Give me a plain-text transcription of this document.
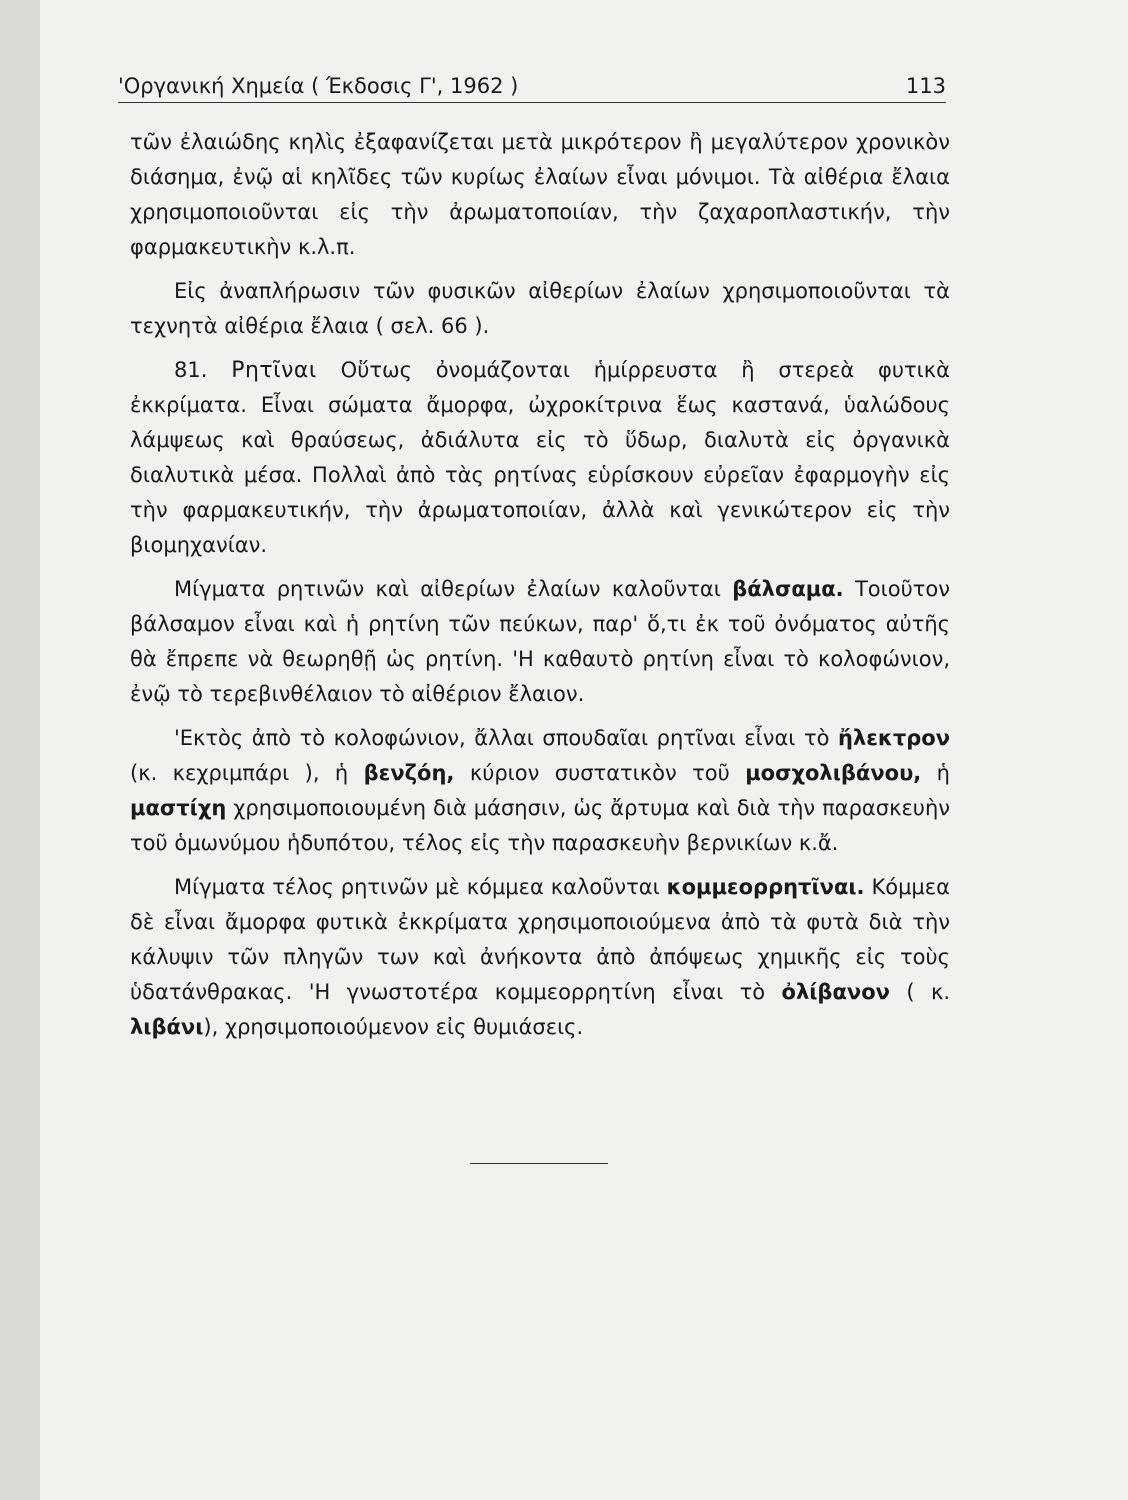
'Οργανική Χημεία ( Έκδοσις Γ', 1962 )	113

τῶν ἐλαιώδης κηλὶς ἐξαφανίζεται μετὰ μικρότερον ἢ μεγαλύτερον χρονικὸν διάσημα, ἐνῷ αἱ κηλῖδες τῶν κυρίως ἐλαίων εἶναι μόνιμοι. Τὰ αἰθέρια ἔλαια χρησιμοποιοῦνται εἰς τὴν ἀρωματοποιίαν, τὴν ζαχαροπλαστικήν, τὴν φαρμακευτικὴν κ.λ.π.

Εἰς ἀναπλήρωσιν τῶν φυσικῶν αἰθερίων ἐλαίων χρησιμοποιοῦνται τὰ τεχνητὰ αἰθέρια ἔλαια ( σελ. 66 ).

81. Ρητῖναι Οὕτως ὀνομάζονται ἡμίρρευστα ἢ στερεὰ φυτικὰ ἐκκρίματα. Εἶναι σώματα ἄμορφα, ὠχροκίτρινα ἕως καστανά, ὑαλώδους λάμψεως καὶ θραύσεως, ἀδιάλυτα εἰς τὸ ὕδωρ, διαλυτὰ εἰς ὀργανικὰ διαλυτικὰ μέσα. Πολλαὶ ἀπὸ τὰς ρητίνας εὑρίσκουν εὐρεῖαν ἐφαρμογὴν εἰς τὴν φαρμακευτικήν, τὴν ἀρωματοποιίαν, ἀλλὰ καὶ γενικώτερον εἰς τὴν βιομηχανίαν.

Μίγματα ρητινῶν καὶ αἰθερίων ἐλαίων καλοῦνται βάλσαμα. Τοιοῦτον βάλσαμον εἶναι καὶ ἡ ρητίνη τῶν πεύκων, παρ' ὅ,τι ἐκ τοῦ ὀνόματος αὐτῆς θὰ ἔπρεπε νὰ θεωρηθῇ ὡς ρητίνη. 'Η καθαυτὸ ρητίνη εἶναι τὸ κολοφώνιον, ἐνῷ τὸ τερεβινθέλαιον τὸ αἰθέριον ἔλαιον.

'Εκτὸς ἀπὸ τὸ κολοφώνιον, ἄλλαι σπουδαῖαι ρητῖναι εἶναι τὸ ἤλεκτρον (κ. κεχριμπάρι ), ἡ βενζόη, κύριον συστατικὸν τοῦ μοσχολιβάνου, ἡ μαστίχη χρησιμοποιουμένη διὰ μάσησιν, ὡς ἄρτυμα καὶ διὰ τὴν παρασκευὴν τοῦ ὁμωνύμου ἡδυπότου, τέλος εἰς τὴν παρασκευὴν βερνικίων κ.ἄ.

Μίγματα τέλος ρητινῶν μὲ κόμμεα καλοῦνται κομμεορρητῖναι. Κόμμεα δὲ εἶναι ἄμορφα φυτικὰ ἐκκρίματα χρησιμοποιούμενα ἀπὸ τὰ φυτὰ διὰ τὴν κάλυψιν τῶν πληγῶν των καὶ ἀνήκοντα ἀπὸ ἀπόψεως χημικῆς εἰς τοὺς ὑδατάνθρακας. 'Η γνωστοτέρα κομμεορρητίνη εἶναι τὸ ὀλίβανον ( κ. λιβάνι), χρησιμοποιούμενον εἰς θυμιάσεις.
